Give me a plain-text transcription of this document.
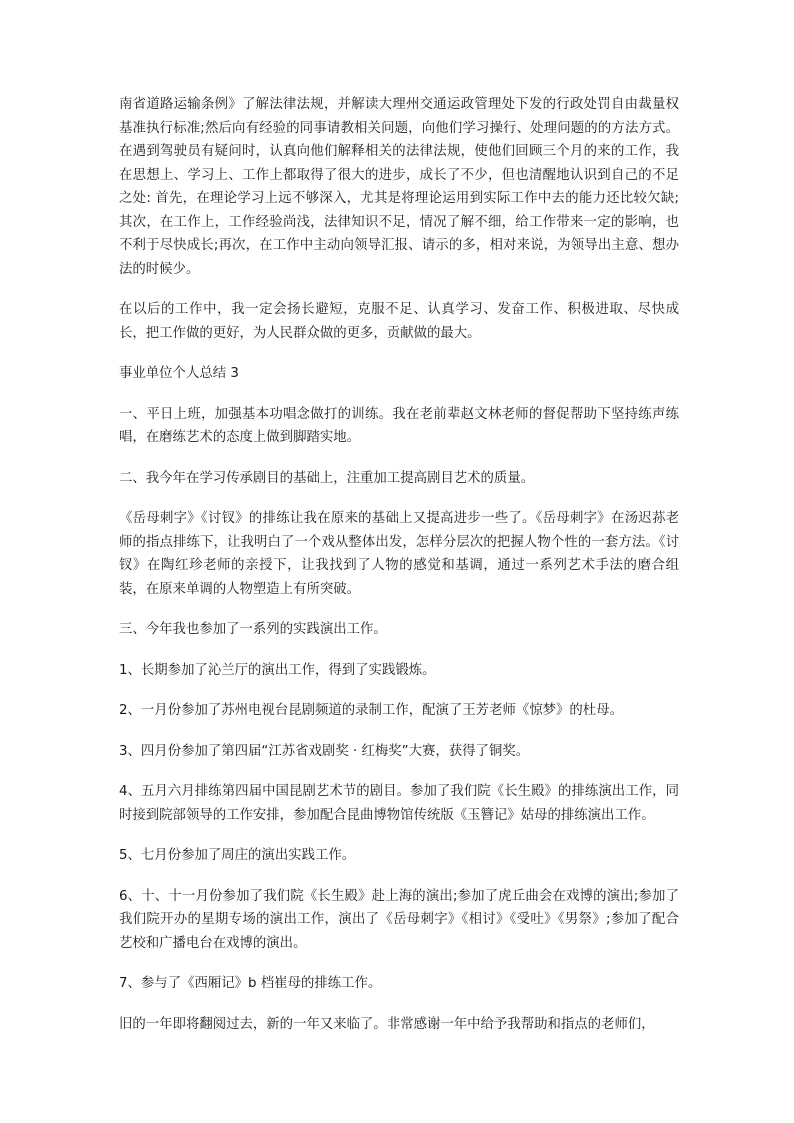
南省道路运输条例》了解法律法规，并解读大理州交通运政管理处下发的行政处罚自由裁量权基准执行标准;然后向有经验的同事请教相关问题，向他们学习操行、处理问题的的方法方式。在遇到驾驶员有疑问时，认真向他们解释相关的法律法规，使他们回顾三个月的来的工作，我在思想上、学习上、工作上都取得了很大的进步，成长了不少，但也清醒地认识到自己的不足之处: 首先，在理论学习上远不够深入，尤其是将理论运用到实际工作中去的能力还比较欠缺;其次，在工作上，工作经验尚浅，法律知识不足，情况了解不细，给工作带来一定的影响，也不利于尽快成长;再次，在工作中主动向领导汇报、请示的多，相对来说，为领导出主意、想办法的时候少。

在以后的工作中，我一定会扬长避短，克服不足、认真学习、发奋工作、积极进取、尽快成长，把工作做的更好，为人民群众做的更多，贡献做的最大。

事业单位个人总结 3

一、平日上班，加强基本功唱念做打的训练。我在老前辈赵文林老师的督促帮助下坚持练声练唱，在磨练艺术的态度上做到脚踏实地。

二、我今年在学习传承剧目的基础上，注重加工提高剧目艺术的质量。

《岳母刺字》《讨钗》的排练让我在原来的基础上又提高进步一些了。《岳母刺字》在汤迟荪老师的指点排练下，让我明白了一个戏从整体出发，怎样分层次的把握人物个性的一套方法。《讨钗》在陶红珍老师的亲授下，让我找到了人物的感觉和基调，通过一系列艺术手法的磨合组装，在原来单调的人物塑造上有所突破。

三、今年我也参加了一系列的实践演出工作。

1、长期参加了沁兰厅的演出工作，得到了实践锻炼。

2、一月份参加了苏州电视台昆剧频道的录制工作，配演了王芳老师《惊梦》的杜母。

3、四月份参加了第四届“江苏省戏剧奖 · 红梅奖”大赛，获得了铜奖。

4、五月六月排练第四届中国昆剧艺术节的剧目。参加了我们院《长生殿》的排练演出工作，同时接到院部领导的工作安排，参加配合昆曲博物馆传统版《玉簪记》姑母的排练演出工作。

5、七月份参加了周庄的演出实践工作。

6、十、十一月份参加了我们院《长生殿》赴上海的演出;参加了虎丘曲会在戏博的演出;参加了我们院开办的星期专场的演出工作，演出了《岳母刺字》《相讨》《受吐》《男祭》;参加了配合艺校和广播电台在戏博的演出。

7、参与了《西厢记》b 档崔母的排练工作。

旧的一年即将翻阅过去，新的一年又来临了。非常感谢一年中给予我帮助和指点的老师们，
